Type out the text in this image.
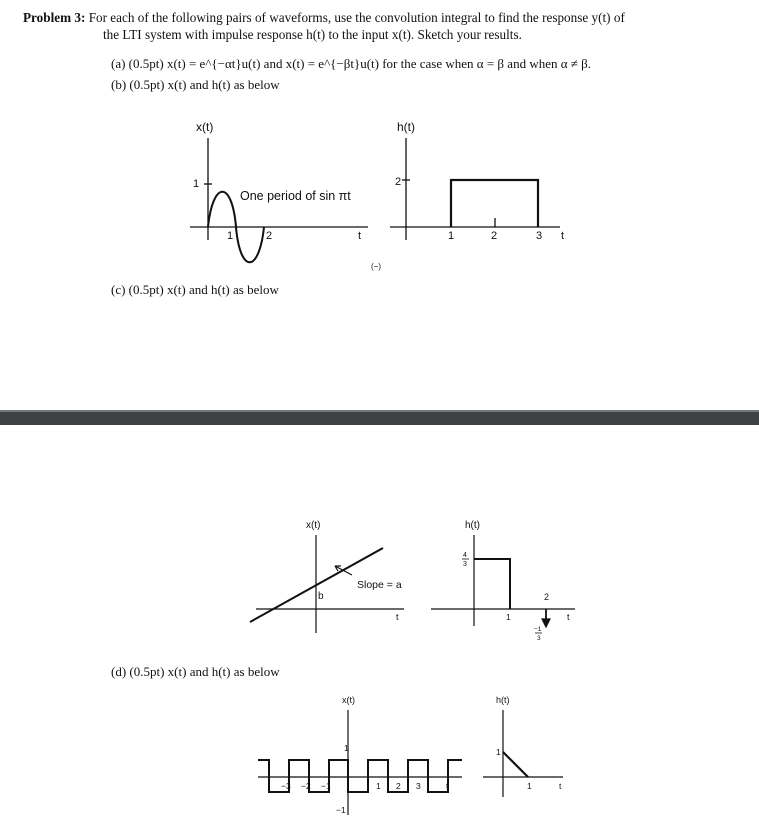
Problem 3: For each of the following pairs of waveforms, use the convolution integral to find the response y(t) of
the LTI system with impulse response h(t) to the input x(t). Sketch your results.
(a) (0.5pt) x(t) = e^{−αt}u(t) and x(t) = e^{−βt}u(t) for the case when α = β and when α ≠ β.
(b) (0.5pt) x(t) and h(t) as below
x(t)
1
One period of sin πt
1	2	t
h(t)
2
1	2	3 t
(−)
(c) (0.5pt) x(t) and h(t) as below
x(t)
b
Slope = a
t
h(t)
4
3
1
2
t
−1
3
(d) (0.5pt) x(t) and h(t) as below
x(t)
1
−1
−3 −2 −1	1 2 3	t
h(t)
1
1	t
